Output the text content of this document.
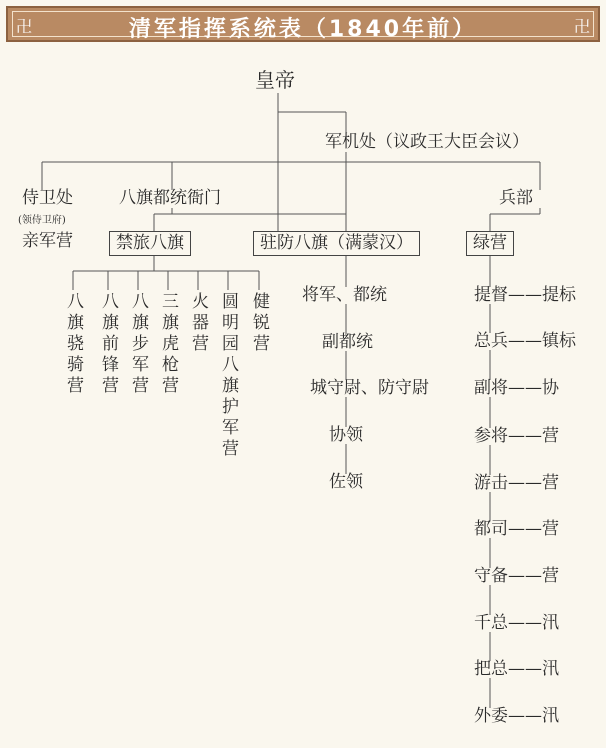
卍	清军指挥系统表（1840年前）	卍
皇帝
军机处（议政王大臣会议）
侍卫处
(领侍卫府)
亲军营
八旗都统衙门	兵部
禁旅八旗	驻防八旗（满蒙汉）	绿营
八旗骁骑营 八旗前锋营 八旗步军营 三旗虎枪营 火器营 圆明园八旗护军营 健锐营 将军、都统
副都统
城守尉、防守尉
协领
佐领
提督——提标
总兵——镇标
副将——协
参将——营
游击——营
都司——营
守备——营
千总——汛
把总——汛
外委——汛
